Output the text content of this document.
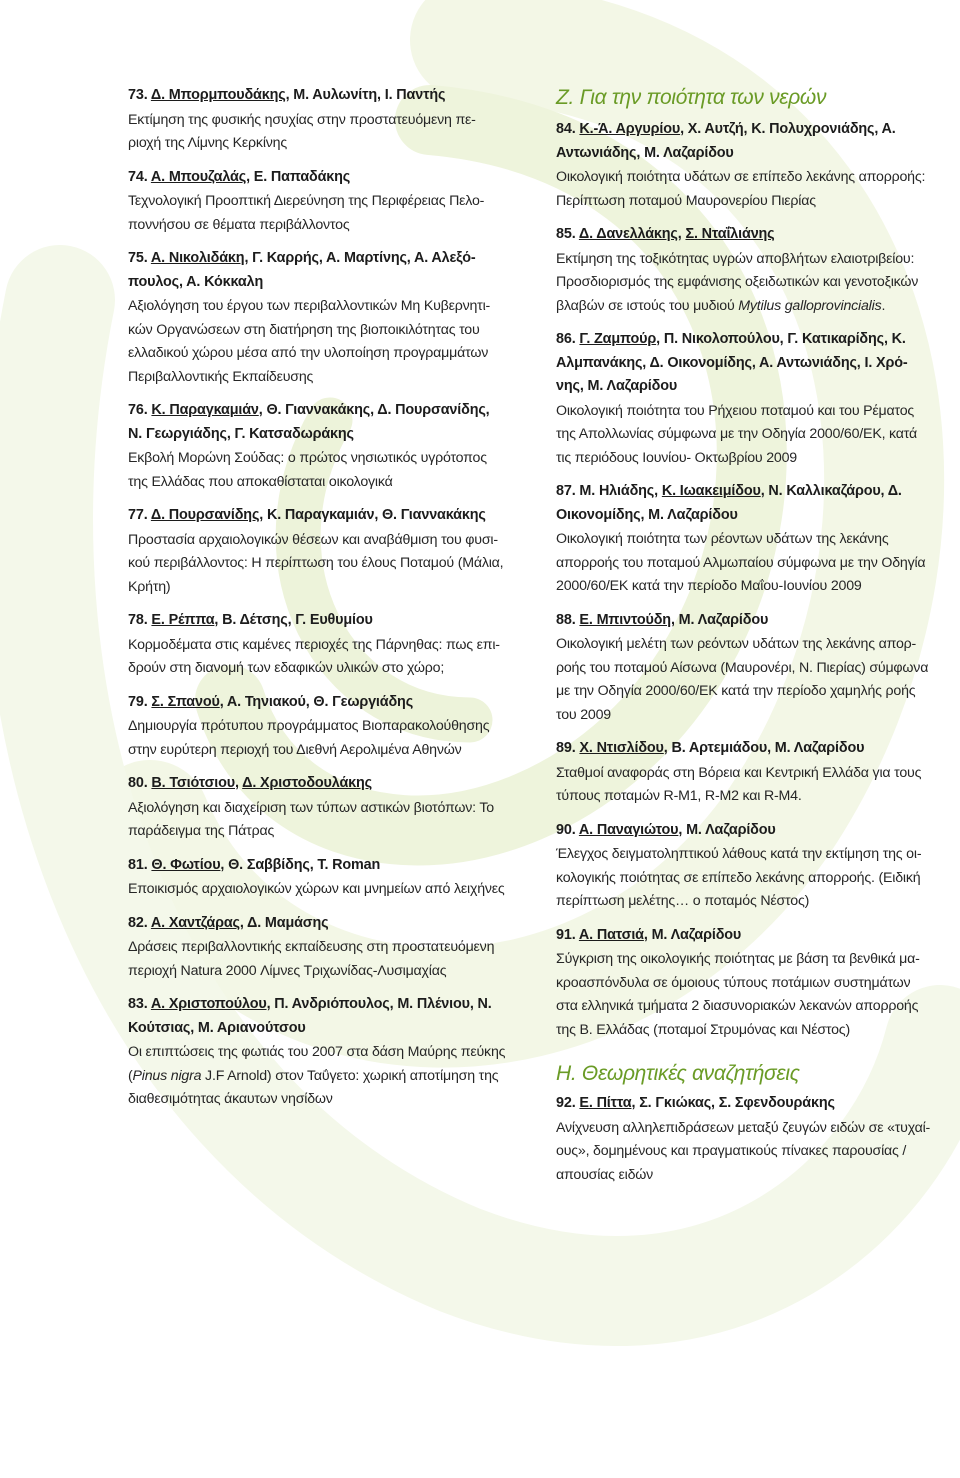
73. Δ. Μπορμπουδάκης, Μ. Αυλωνίτη, Ι. Παντής
Εκτίμηση της φυσικής ησυχίας στην προστατευόμενη πε-
ριοχή της Λίμνης Κερκίνης
74. Α. Μπουζαλάς, Ε. Παπαδάκης
Τεχνολογική Προοπτική Διερεύνηση της Περιφέρειας Πελο-
ποννήσου σε θέματα περιβάλλοντος
75. Α. Νικολιδάκη, Γ. Καρρής, Α. Μαρτίνης, Α. Αλεξό-
πουλος, Α. Κόκκαλη
Αξιολόγηση του έργου των περιβαλλοντικών Μη Κυβερνητι-
κών Οργανώσεων στη διατήρηση της βιοποικιλότητας του
ελλαδικού χώρου μέσα από την υλοποίηση προγραμμάτων
Περιβαλλοντικής Εκπαίδευσης
76. Κ. Παραγκαμιάν, Θ. Γιαννακάκης, Δ. Πουρσανίδης,
Ν. Γεωργιάδης, Γ. Κατσαδωράκης
Εκβολή Μορώνη Σούδας: ο πρώτος νησιωτικός υγρότοπος
της Ελλάδας που αποκαθίσταται οικολογικά
77. Δ. Πουρσανίδης, Κ. Παραγκαμιάν, Θ. Γιαννακάκης
Προστασία αρχαιολογικών θέσεων και αναβάθμιση του φυσι-
κού περιβάλλοντος: Η περίπτωση του έλους Ποταμού (Μάλια,
Κρήτη)
78. Ε. Ρέππα, Β. Δέτσης, Γ. Ευθυμίου
Κορμοδέματα στις καμένες περιοχές της Πάρνηθας: πως επι-
δρούν στη διανομή των εδαφικών υλικών στο χώρο;
79. Σ. Σπανού, Α. Τηνιακού, Θ. Γεωργιάδης
Δημιουργία πρότυπου προγράμματος Βιοπαρακολούθησης
στην ευρύτερη περιοχή του Διεθνή Αερολιμένα Αθηνών
80. Β. Τσιότσιου, Δ. Χριστοδουλάκης
Αξιολόγηση και διαχείριση των τύπων αστικών βιοτόπων: Το
παράδειγμα της Πάτρας
81. Θ. Φωτίου, Θ. Σαββίδης, Τ. Roman
Εποικισμός αρχαιολογικών χώρων και μνημείων από λειχήνες
82. Α. Χαντζάρας, Δ. Μαμάσης
Δράσεις περιβαλλοντικής εκπαίδευσης στη προστατευόμενη
περιοχή Natura 2000 Λίμνες Τριχωνίδας-Λυσιμαχίας
83. Α. Χριστοπούλου, Π. Ανδριόπουλος, Μ. Πλένιου, Ν.
Κούτσιας, Μ. Αριανούτσου
Οι επιπτώσεις της φωτιάς του 2007 στα δάση Μαύρης πεύκης
(Pinus nigra J.F Arnold) στον Ταΰγετο: χωρική αποτίμηση της
διαθεσιμότητας άκαυτων νησίδων
Ζ. Για την ποιότητα των νερών
84. Κ.-Ά. Αργυρίου, Χ. Αυτζή, Κ. Πολυχρονιάδης, Α.
Αντωνιάδης, Μ. Λαζαρίδου
Οικολογική ποιότητα υδάτων σε επίπεδο λεκάνης απορροής:
Περίπτωση ποταμού Μαυρονερίου Πιερίας
85. Δ. Δανελλάκης, Σ. Νταΐλιάνης
Εκτίμηση της τοξικότητας υγρών αποβλήτων ελαιοτριβείου:
Προσδιορισμός της εμφάνισης οξειδωτικών και γενοτοξικών
βλαβών σε ιστούς του μυδιού Mytilus galloprovincialis.
86. Γ. Ζαμπούρ, Π. Νικολοπούλου, Γ. Κατικαρίδης, Κ.
Αλμπανάκης, Δ. Οικονομίδης, Α. Αντωνιάδης, Ι. Χρό-
νης, Μ. Λαζαρίδου
Οικολογική ποιότητα του Ρήχειου ποταμού και του Ρέματος
της Απολλωνίας σύμφωνα με την Οδηγία 2000/60/ΕΚ, κατά
τις περιόδους Ιουνίου- Οκτωβρίου 2009
87. Μ. Ηλιάδης, Κ. Ιωακειμίδου, Ν. Καλλικαζάρου, Δ.
Οικονομίδης, Μ. Λαζαρίδου
Οικολογική ποιότητα των ρέοντων υδάτων της λεκάνης
απορροής του ποταμού Αλμωπαίου σύμφωνα με την Οδηγία
2000/60/ΕΚ κατά την περίοδο Μαΐου-Ιουνίου 2009
88. Ε. Μπιντούδη, Μ. Λαζαρίδου
Οικολογική μελέτη των ρεόντων υδάτων της λεκάνης απορ-
ροής του ποταμού Αίσωνα (Μαυρονέρι, Ν. Πιερίας) σύμφωνα
με την Οδηγία 2000/60/ΕΚ κατά την περίοδο χαμηλής ροής
του 2009
89. Χ. Ντισλίδου, Β. Αρτεμιάδου, Μ. Λαζαρίδου
Σταθμοί αναφοράς στη Βόρεια και Κεντρική Ελλάδα για τους
τύπους ποταμών R-M1, R-M2 και R-M4.
90. Α. Παναγιώτου, Μ. Λαζαρίδου
Έλεγχος δειγματοληπτικού λάθους κατά την εκτίμηση της οι-
κολογικής ποιότητας σε επίπεδο λεκάνης απορροής. (Ειδική
περίπτωση μελέτης… ο ποταμός Νέστος)
91. Α. Πατσιά, Μ. Λαζαρίδου
Σύγκριση της οικολογικής ποιότητας με βάση τα βενθικά μα-
κροασπόνδυλα σε όμοιους τύπους ποτάμιων συστημάτων
στα ελληνικά τμήματα 2 διασυνοριακών λεκανών απορροής
της Β. Ελλάδας (ποταμοί Στρυμόνας και Νέστος)
Η. Θεωρητικές αναζητήσεις
92. Ε. Πίττα, Σ. Γκιώκας, Σ. Σφενδουράκης
Ανίχνευση αλληλεπιδράσεων μεταξύ ζευγών ειδών σε «τυχαί-
ους», δομημένους και πραγματικούς πίνακες παρουσίας /
απουσίας ειδών
